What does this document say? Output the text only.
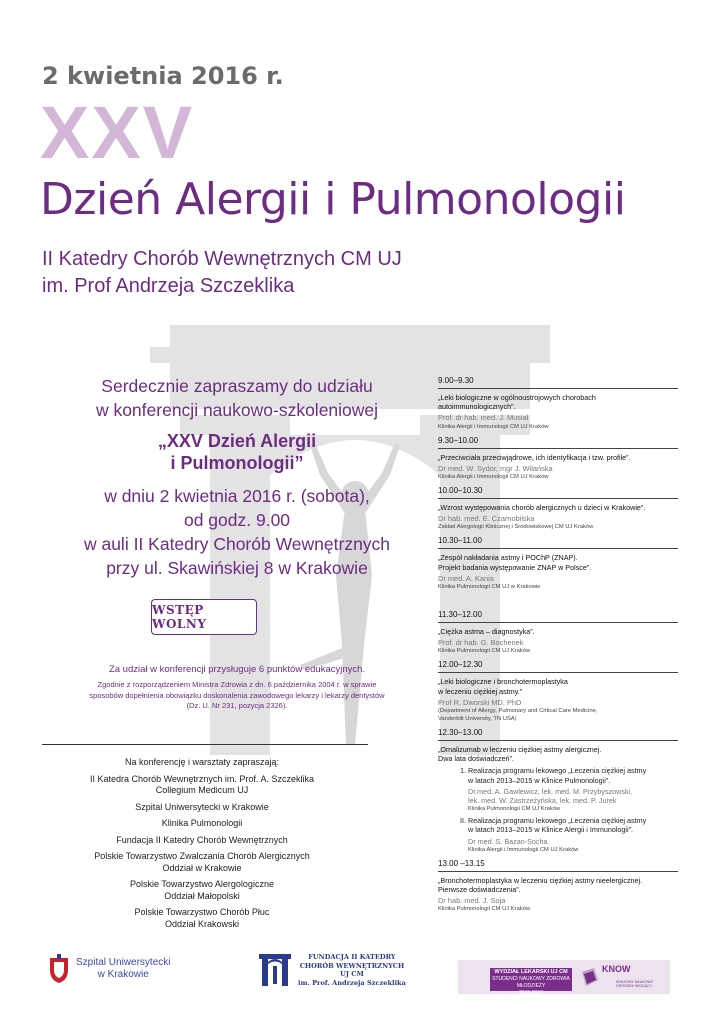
2 kwietnia 2016 r.
XXV
Dzień Alergii i Pulmonologii
II Katedry Chorób Wewnętrznych CM UJ
im. Prof Andrzeja Szczeklika
Serdecznie zapraszamy do udziału
w konferencji naukowo-szkoleniowej
„XXV Dzień Alergii
i Pulmonologii”
w dniu 2 kwietnia 2016 r. (sobota),
od godz. 9.00
w auli II Katedry Chorób Wewnętrznych
przy ul. Skawińskiej 8 w Krakowie
WSTĘP WOLNY
Za udział w konferencji przysługuje 6 punktów edukacyjnych.
Zgodnie z rozporządzeniem Ministra Zdrowia z dn. 6 października 2004 r. w sprawie
sposobów dopełnienia obowiązku doskonalenia zawodowego lekarzy i lekarzy dentystów
(Dz. U. Nr 231, pozycja 2326).
Na konferencję i warsztaty zapraszają:
II Katedra Chorób Wewnętrznych im. Prof. A. Szczeklika
Collegium Medicum UJ
Szpital Uniwersytecki w Krakowie
Klinika Pulmonologii
Fundacja II Katedry Chorób Wewnętrznych
Polskie Towarzystwo Zwalczania Chorób Alergicznych
Oddział w Krakowie
Polskie Towarzystwo Alergologiczne
Oddział Małopolski
Polskie Towarzystwo Chorób Płuc
Oddział Krakowski
9.00–9.30
„Leki biologiczne w ogólnoustrojowych chorobach
autoimmunologicznych”.
Prof. dr hab. med. J. Musiał
Klinika Alergii i Immunologii CM UJ Kraków
9.30–10.00
„Przeciwciała przeciwjądrowe, ich identyfikacja i tzw. profile”.
Dr med. W. Sydor, mgr J. Wilańska
Klinika Alergii i Immunologii CM UJ Kraków
10.00–10.30
„Wzrost występowania chorób alergicznych u dzieci w Krakowie”.
Dr hab. med. E. Czarnobilska
Zakład Alergologii Klinicznej i Środowiskowej CM UJ Kraków
10.30–11.00
„Zespół nakładania astmy i POChP (ZNAP).
Projekt badania występowanie ZNAP w Polsce”.
Dr med. A. Kania
Klinika Pulmonologii CM UJ w Krakowie
11.30–12.00
„Ciężka astma – diagnostyka”.
Prof. dr hab. G. Bochenek
Klinika Pulmonologii CM UJ Kraków
12.00–12.30
„Leki biologiczne i bronchotermoplastyka
w leczeniu ciężkiej astmy.”
Prof R. Dworski MD, PhD
(Department of Allergy, Pulmonary and Critical Care Medicine,
Vanderbilt University, TN USA)
12.30–13.00
„Omalizumab w leczeniu ciężkiej astmy alergicznej.
Dwa lata doświadczeń”.
1. Realizacja programu lekowego „Leczenia ciężkiej astmy
w latach 2013–2015 w Klinice Pulmonologii”.
Dr.med. A. Gawlewicz, lek. med. M. Przybyszowski,
lek. med. W. Zastrzeżyńska, lek. med. P. Jurek
Klinika Pulmonologii CM UJ Kraków
II. Realizacja programu lekowego „Leczenia ciężkiej astmy
w latach 2013–2015 w Klinice Alergii i Immunologii”.
Dr med. S. Bazan-Socha
Klinika Alergii i Immunologii CM UJ Kraków
13.00 –13.15
„Bronchotermoplastyka w leczeniu ciężkiej astmy nieelergicznej.
Pierwsze doświadczenia”.
Dr hab. med. J. Soja
Klinika Pulmonologii CM UJ Kraków
Szpital Uniwersytecki
w Krakowie
FUNDACJA II KATEDRY
CHORÓB WEWNĘTRZNYCH
UJ CM
im. Prof. Andrzeja Szczeklika
WYDZIAŁ LEKARSKI UJ CM
STUDENCI NAUKOWY ZDROWIA MŁODZIEŻY
2015-2017
KNOW
KRAJOWY NAUKOWY OŚRODEK WIODĄCY
